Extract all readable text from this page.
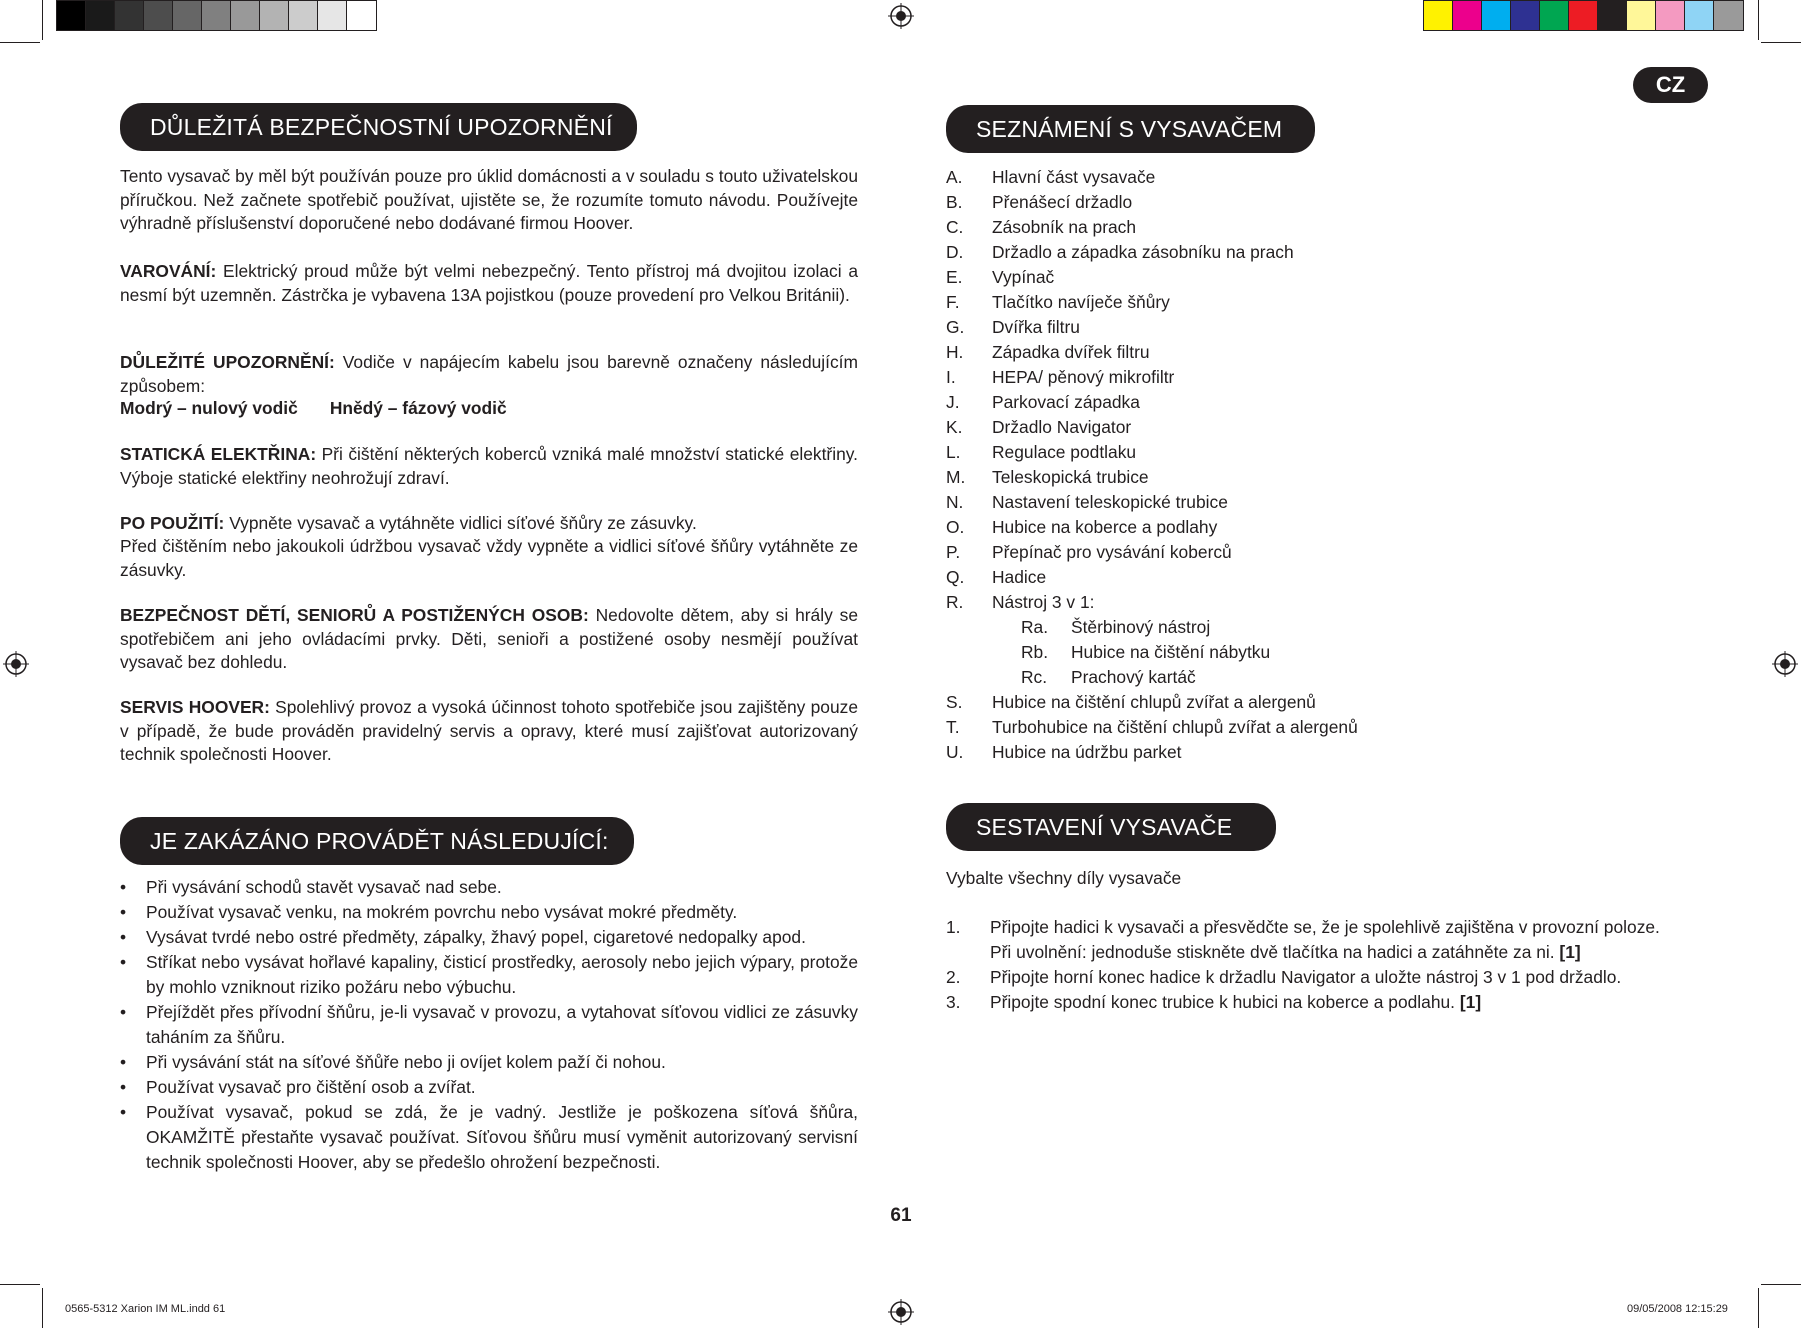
CZ
DŮLEŽITÁ BEZPEČNOSTNÍ UPOZORNĚNÍ

Tento vysavač by měl být používán pouze pro úklid domácnosti a v souladu s touto uživatelskou příručkou. Než začnete spotřebič používat, ujistěte se, že rozumíte tomuto návodu. Používejte výhradně příslušenství doporučené nebo dodávané firmou Hoover.

VAROVÁNÍ: Elektrický proud může být velmi nebezpečný. Tento přístroj má dvojitou izolaci a nesmí být uzemněn. Zástrčka je vybavena 13A pojistkou (pouze provedení pro Velkou Británii).

DŮLEŽITÉ UPOZORNĚNÍ: Vodiče v napájecím kabelu jsou barevně označeny následujícím způsobem:

Modrý – nulový vodič Hnědý – fázový vodič

STATICKÁ ELEKTŘINA: Při čištění některých koberců vzniká malé množství statické elektřiny. Výboje statické elektřiny neohrožují zdraví.

PO POUŽITÍ: Vypněte vysavač a vytáhněte vidlici síťové šňůry ze zásuvky.

Před čištěním nebo jakoukoli údržbou vysavač vždy vypněte a vidlici síťové šňůry vytáhněte ze zásuvky.

BEZPEČNOST DĚTÍ, SENIORŮ A POSTIŽENÝCH OSOB: Nedovolte dětem, aby si hrály se spotřebičem ani jeho ovládacími prvky. Děti, senioři a postižené osoby nesmějí používat vysavač bez dohledu.

SERVIS HOOVER: Spolehlivý provoz a vysoká účinnost tohoto spotřebiče jsou zajištěny pouze v případě, že bude prováděn pravidelný servis a opravy, které musí zajišťovat autorizovaný technik společnosti Hoover.

JE ZAKÁZÁNO PROVÁDĚT NÁSLEDUJÍCÍ:
• Při vysávání schodů stavět vysavač nad sebe.
• Používat vysavač venku, na mokrém povrchu nebo vysávat mokré předměty.
• Vysávat tvrdé nebo ostré předměty, zápalky, žhavý popel, cigaretové nedopalky apod.
• Stříkat nebo vysávat hořlavé kapaliny, čisticí prostředky, aerosoly nebo jejich výpary, protože by mohlo vzniknout riziko požáru nebo výbuchu.
• Přejíždět přes přívodní šňůru, je-li vysavač v provozu, a vytahovat síťovou vidlici ze zásuvky taháním za šňůru.
• Při vysávání stát na síťové šňůře nebo ji ovíjet kolem paží či nohou.
• Používat vysavač pro čištění osob a zvířat.
• Používat vysavač, pokud se zdá, že je vadný. Jestliže je poškozena síťová šňůra, OKAMŽITĚ přestaňte vysavač používat. Síťovou šňůru musí vyměnit autorizovaný servisní technik společnosti Hoover, aby se předešlo ohrožení bezpečnosti.
SEZNÁMENÍ S VYSAVAČEM
A. Hlavní část vysavače
B. Přenášecí držadlo
C. Zásobník na prach
D. Držadlo a západka zásobníku na prach
E. Vypínač
F. Tlačítko navíječe šňůry
G. Dvířka filtru
H. Západka dvířek filtru
I. HEPA/ pěnový mikrofiltr
J. Parkovací západka
K. Držadlo Navigator
L. Regulace podtlaku
M. Teleskopická trubice
N. Nastavení teleskopické trubice
O. Hubice na koberce a podlahy
P. Přepínač pro vysávání koberců
Q. Hadice
R. Nástroj 3 v 1:
Ra. Štěrbinový nástroj
Rb. Hubice na čištění nábytku
Rc. Prachový kartáč
S. Hubice na čištění chlupů zvířat a alergenů
T. Turbohubice na čištění chlupů zvířat a alergenů
U. Hubice na údržbu parket
SESTAVENÍ VYSAVAČE
Vybalte všechny díly vysavače
1. Připojte hadici k vysavači a přesvědčte se, že je spolehlivě zajištěna v provozní poloze.
Při uvolnění: jednoduše stiskněte dvě tlačítka na hadici a zatáhněte za ni. [1]
2. Připojte horní konec hadice k držadlu Navigator a uložte nástroj 3 v 1 pod držadlo.
3. Připojte spodní konec trubice k hubici na koberce a podlahu. [1]
61
0565-5312 Xarion IM ML.indd 61	09/05/2008 12:15:29
